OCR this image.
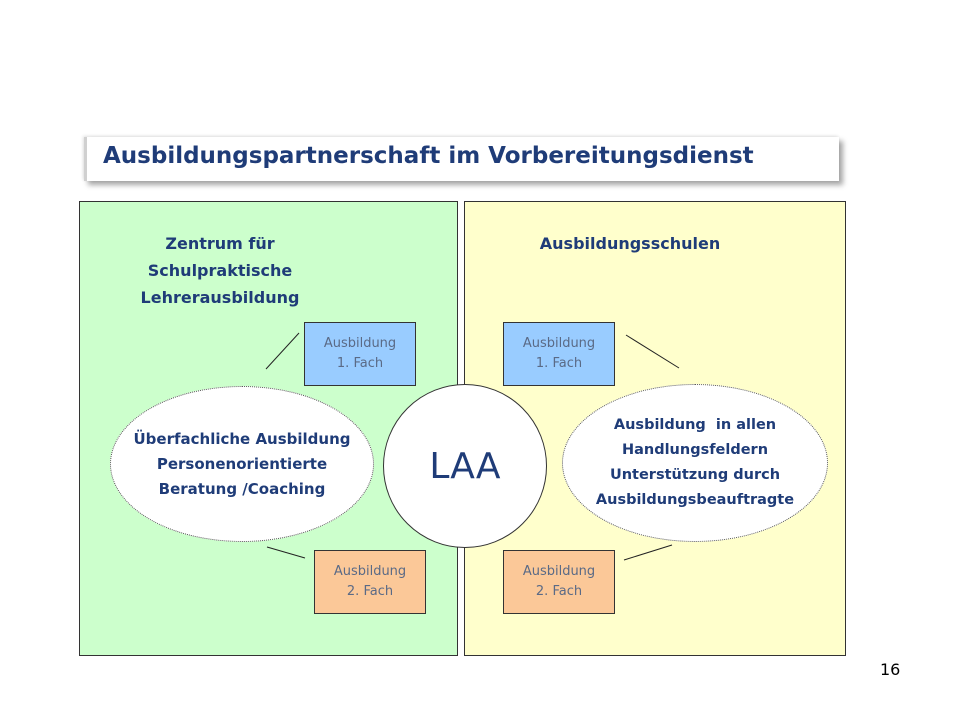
Ausbildungspartnerschaft im Vorbereitungsdienst
Zentrum für Schulpraktische
Lehrerausbildung
Ausbildungsschulen
Ausbildung
1. Fach
Ausbildung
2. Fach
Ausbildung
1. Fach
Ausbildung
2. Fach
Überfachliche Ausbildung
Personenorientierte
Beratung /Coaching
Ausbildung  in allen
Handlungsfeldern
Unterstützung durch
Ausbildungsbeauftragte
LAA
16
